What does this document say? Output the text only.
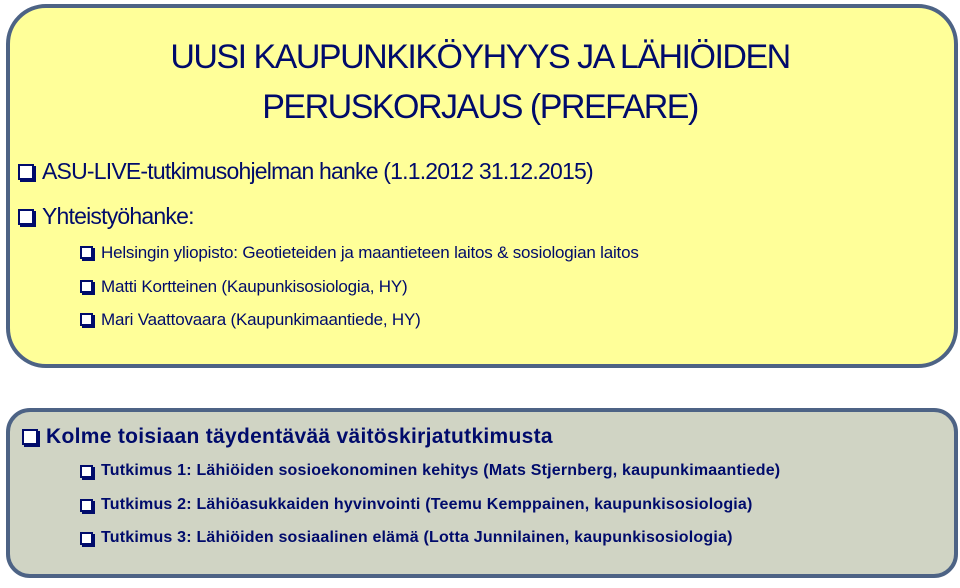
UUSI KAUPUNKIKÖYHYYS JA LÄHIÖIDEN
PERUSKORJAUS (PREFARE)
ASU-LIVE-tutkimusohjelman hanke (1.1.2012 31.12.2015)
Yhteistyöhanke:
Helsingin yliopisto: Geotieteiden ja maantieteen laitos & sosiologian laitos
Matti Kortteinen (Kaupunkisosiologia, HY)
Mari Vaattovaara (Kaupunkimaantiede, HY)
Kolme toisiaan täydentävää väitöskirjatutkimusta
Tutkimus 1: Lähiöiden sosioekonominen kehitys (Mats Stjernberg, kaupunkimaantiede)
Tutkimus 2: Lähiöasukkaiden hyvinvointi (Teemu Kemppainen, kaupunkisosiologia)
Tutkimus 3: Lähiöiden sosiaalinen elämä (Lotta Junnilainen, kaupunkisosiologia)
